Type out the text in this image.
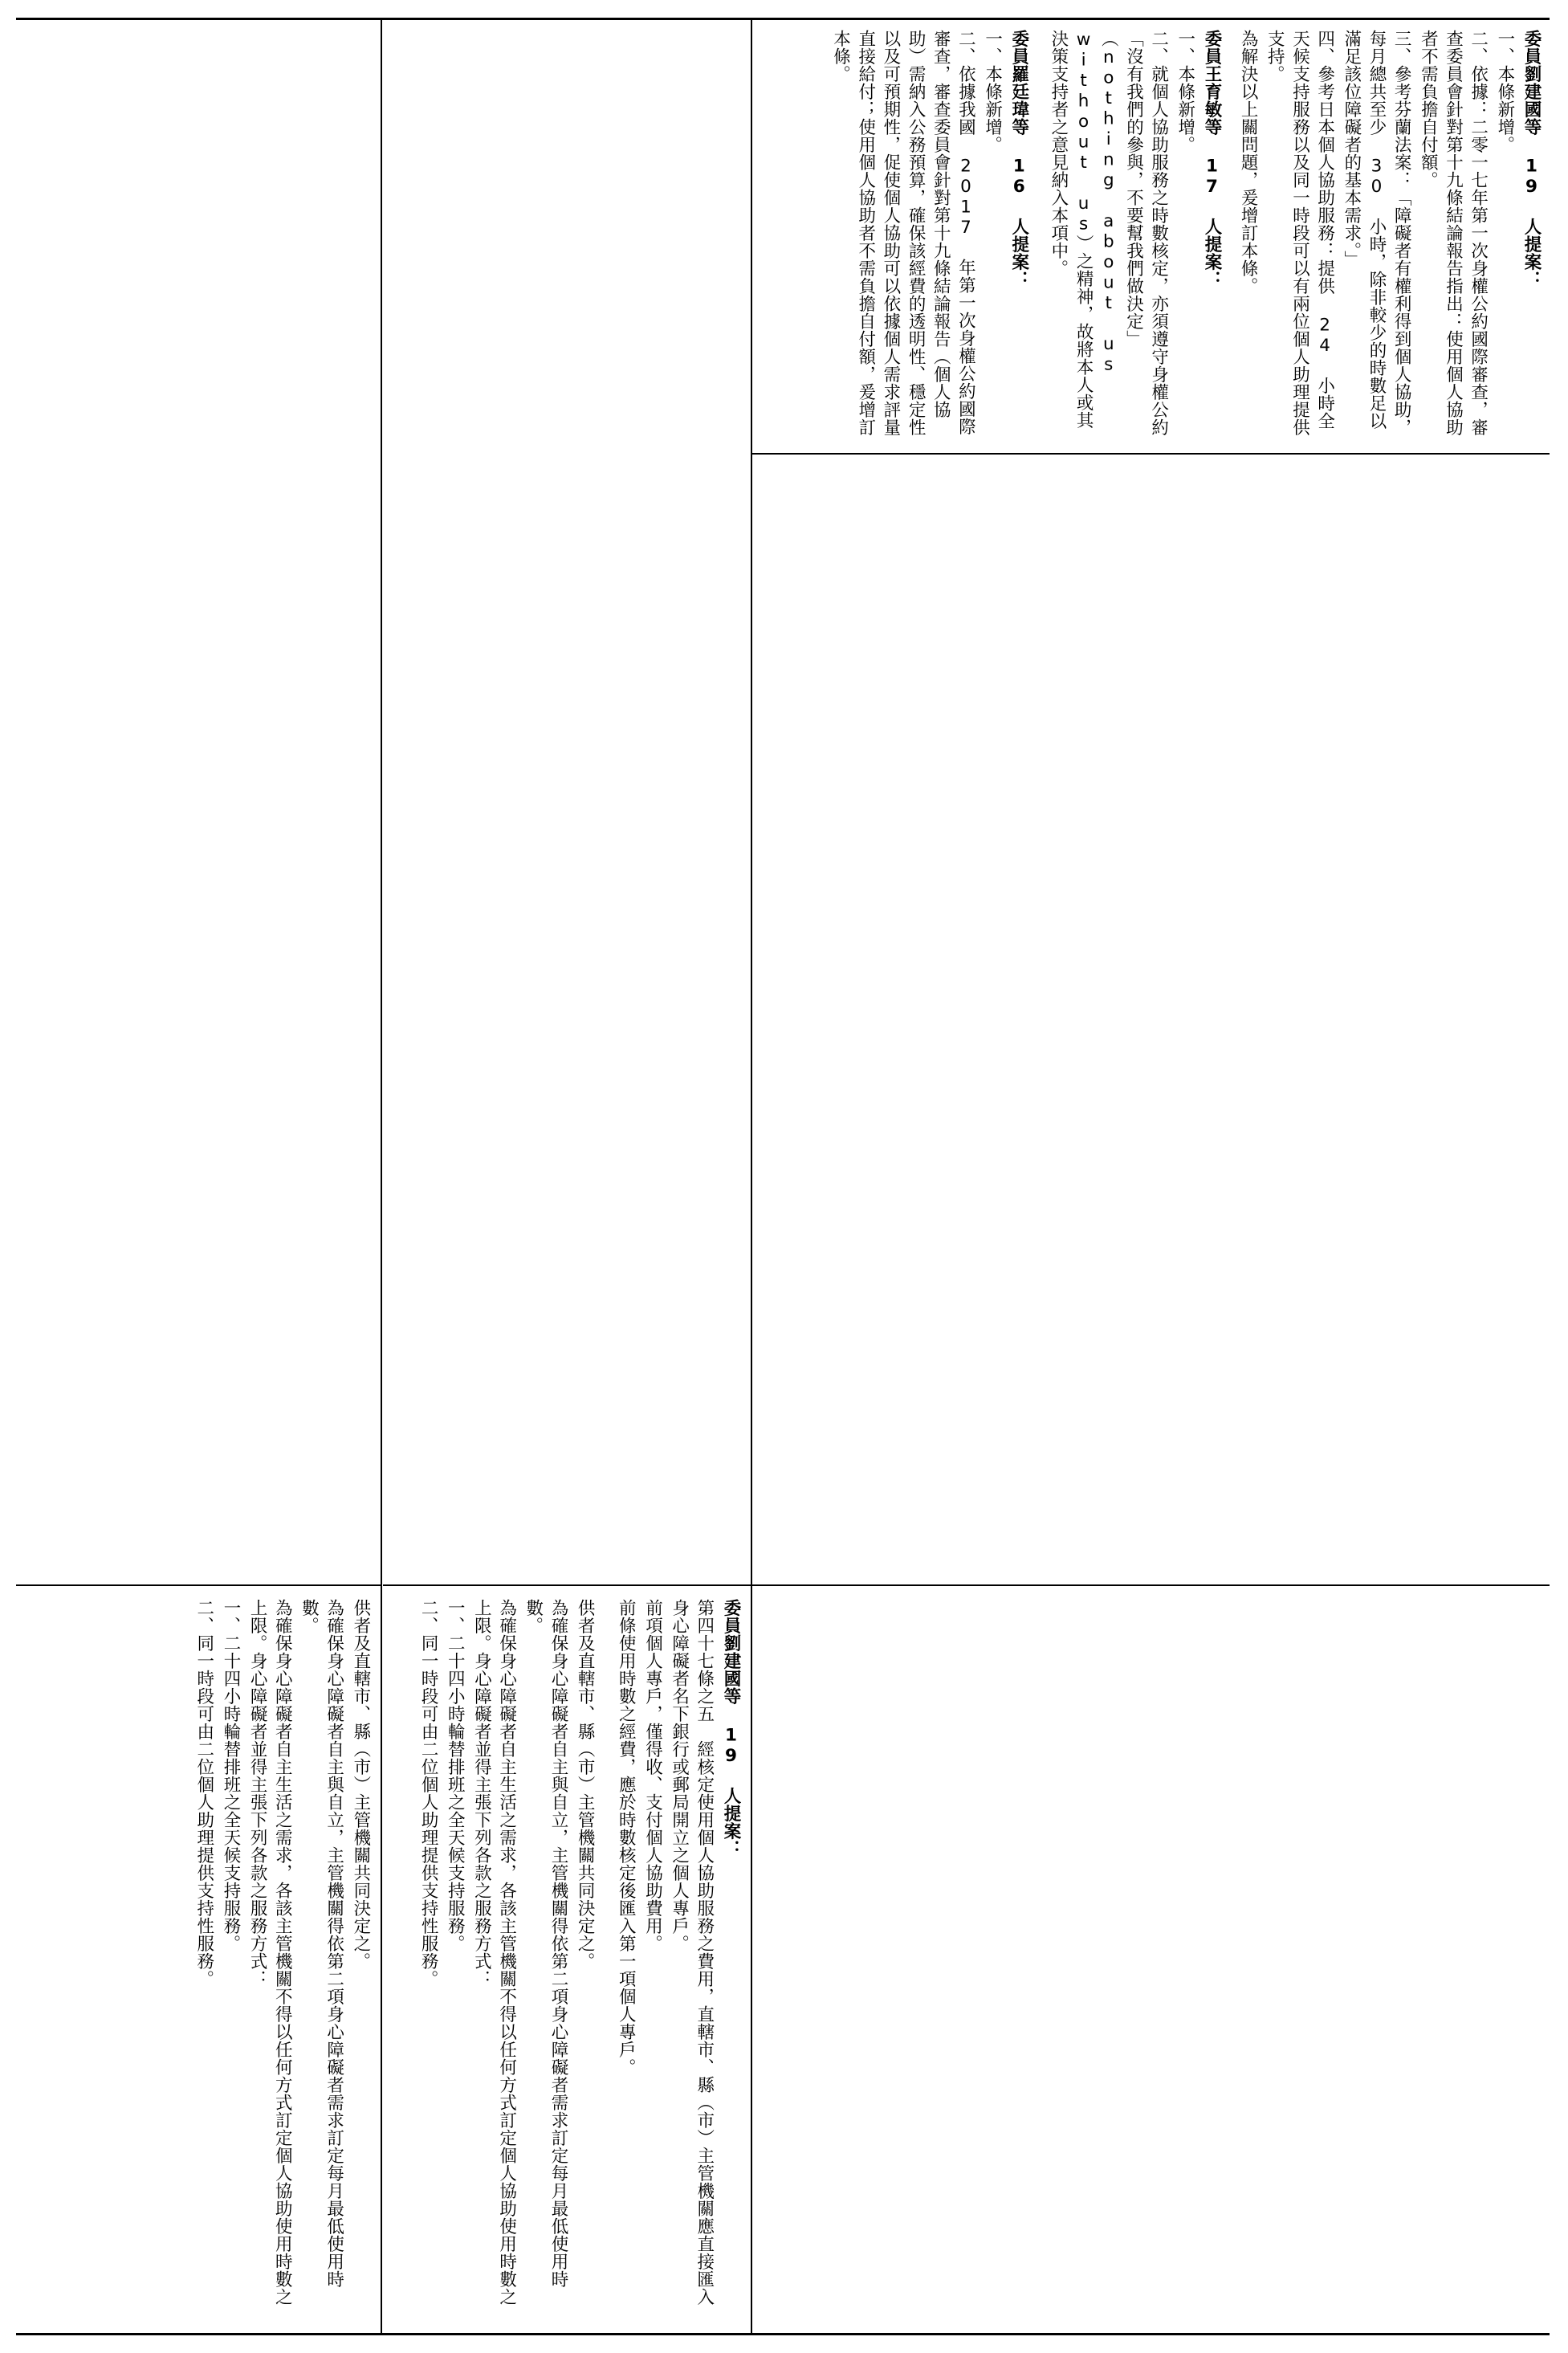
供者及直轄市、縣（市）主管機關共同決定之。
為確保身心障礙者自主與自立，主管機關得依第二項身心障礙者需求訂定每月最低使用時數。
為確保身心障礙者自主生活之需求，各該主管機關不得以任何方式訂定個人協助使用時數之上限。身心障礙者並得主張下列各款之服務方式：
一、二十四小時輪替排班之全天候支持服務。
二、同一時段可由二位個人助理提供支持性服務。	委員劉建國等 19 人提案：
第四十七條之五　經核定使用個人協助服務之費用，直轄市、縣（市）主管機關應直接匯入身心障礙者名下銀行或郵局開立之個人專戶。
前項個人專戶，僅得收、支付個人協助費用。
前條使用時數之經費，應於時數核定後匯入第一項個人專戶。
供者及直轄市、縣（市）主管機關共同決定之。
為確保身心障礙者自主與自立，主管機關得依第二項身心障礙者需求訂定每月最低使用時數。
為確保身心障礙者自主生活之需求，各該主管機關不得以任何方式訂定個人協助使用時數之上限。身心障礙者並得主張下列各款之服務方式：
一、二十四小時輪替排班之全天候支持服務。
二、同一時段可由二位個人助理提供支持性服務。
委員劉建國等 19 人提案：
一、本條新增。
二、依據：二零一七年第一次身權公約國際審查，審查委員會針對第十九條結論報告指出：使用個人協助者不需負擔自付額。
三、參考芬蘭法案：「障礙者有權利得到個人協助，每月總共至少 30 小時，除非較少的時數足以滿足該位障礙者的基本需求。」
四、參考日本個人協助服務：提供 24 小時全天候支持服務以及同一時段可以有兩位個人助理提供支持。
為解決以上關問題，爰增訂本條。
委員王育敏等 17 人提案：
一、本條新增。
二、就個人協助服務之時數核定，亦須遵守身權公約「沒有我們的參與，不要幫我們做決定」（nothing about us without us）之精神，故將本人或其決策支持者之意見納入本項中。
委員羅廷瑋等 16 人提案：
一、本條新增。
二、依據我國 2017 年第一次身權公約國際審查，審查委員會針對第十九條結論報告（個人協助）需納入公務預算，確保該經費的透明性、穩定性以及可預期性，促使個人協助可以依據個人需求評量直接給付；使用個人協助者不需負擔自付額，爰增訂本條。
